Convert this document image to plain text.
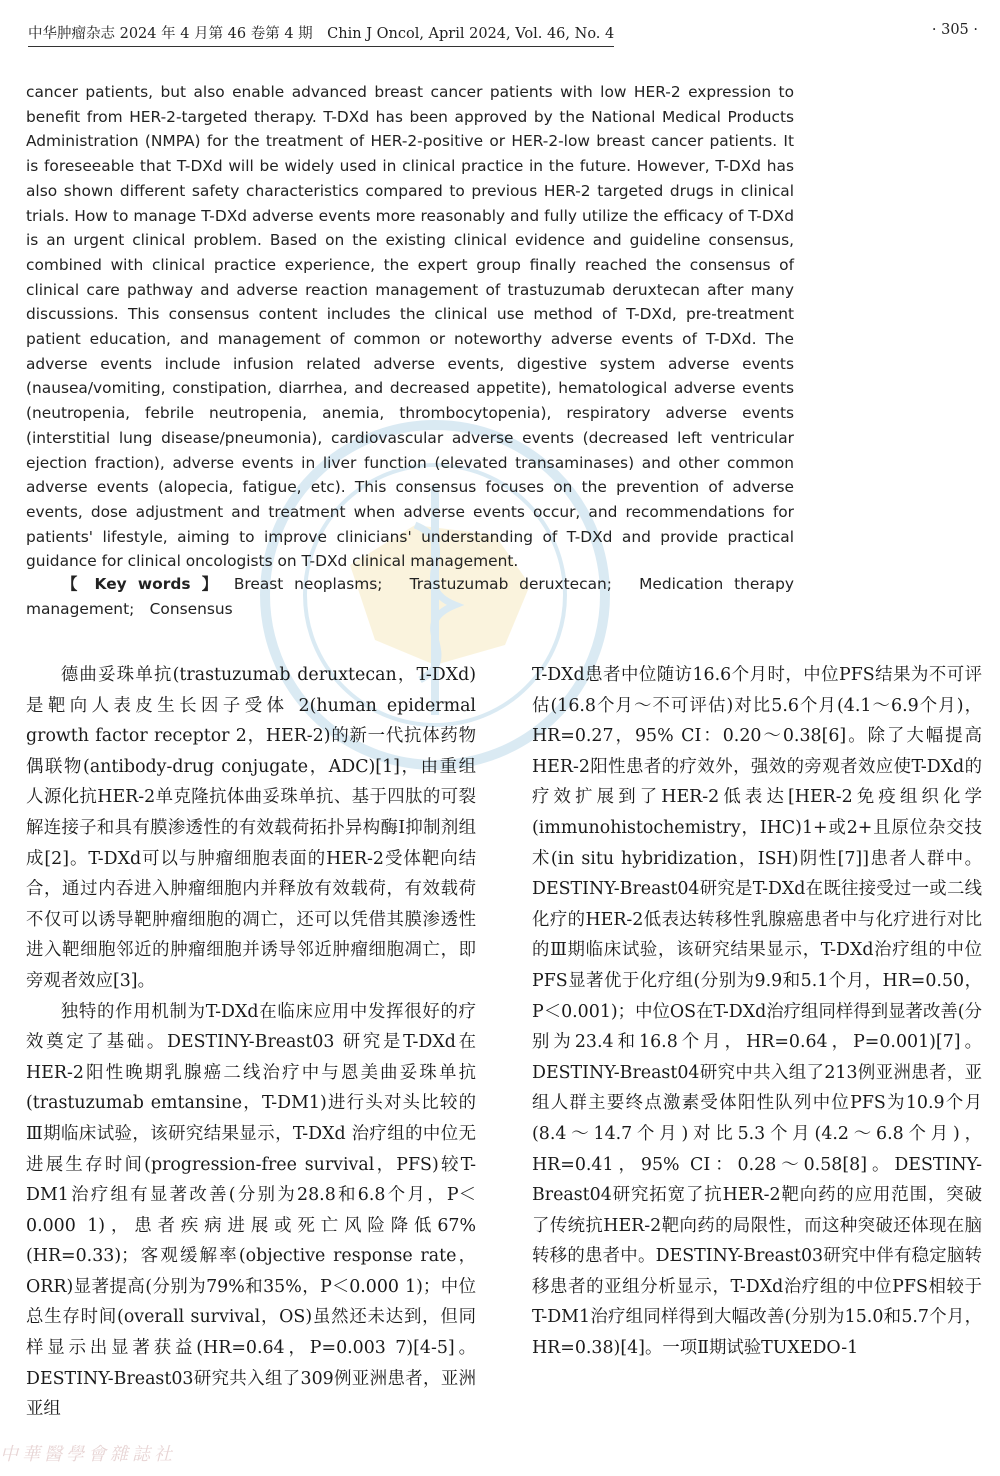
中华肿瘤杂志 2024 年 4 月第 46 卷第 4 期　Chin J Oncol, April 2024, Vol. 46, No. 4	· 305 ·

cancer patients, but also enable advanced breast cancer patients with low HER-2 expression to benefit from HER-2-targeted therapy. T-DXd has been approved by the National Medical Products Administration (NMPA) for the treatment of HER-2-positive or HER-2-low breast cancer patients. It is foreseeable that T-DXd will be widely used in clinical practice in the future. However, T-DXd has also shown different safety characteristics compared to previous HER-2 targeted drugs in clinical trials. How to manage T-DXd adverse events more reasonably and fully utilize the efficacy of T-DXd is an urgent clinical problem. Based on the existing clinical evidence and guideline consensus, combined with clinical practice experience, the expert group finally reached the consensus of clinical care pathway and adverse reaction management of trastuzumab deruxtecan after many discussions. This consensus content includes the clinical use method of T-DXd, pre-treatment patient education, and management of common or noteworthy adverse events of T-DXd. The adverse events include infusion related adverse events, digestive system adverse events (nausea/vomiting, constipation, diarrhea, and decreased appetite), hematological adverse events (neutropenia, febrile neutropenia, anemia, thrombocytopenia), respiratory adverse events (interstitial lung disease/pneumonia), cardiovascular adverse events (decreased left ventricular ejection fraction), adverse events in liver function (elevated transaminases) and other common adverse events (alopecia, fatigue, etc). This consensus focuses on the prevention of adverse events, dose adjustment and treatment when adverse events occur, and recommendations for patients' lifestyle, aiming to improve clinicians' understanding of T-DXd and provide practical guidance for clinical oncologists on T-DXd clinical management.

【 Key words 】 Breast neoplasms;　Trastuzumab deruxtecan;　Medication therapy management;　Consensus

德曲妥珠单抗(trastuzumab deruxtecan，T-DXd)是靶向人表皮生长因子受体 2(human epidermal growth factor receptor 2，HER-2)的新一代抗体药物偶联物(antibody-drug conjugate，ADC)[1]，由重组人源化抗HER-2单克隆抗体曲妥珠单抗、基于四肽的可裂解连接子和具有膜渗透性的有效载荷拓扑异构酶Ⅰ抑制剂组成[2]。T-DXd可以与肿瘤细胞表面的HER-2受体靶向结合，通过内吞进入肿瘤细胞内并释放有效载荷，有效载荷不仅可以诱导靶肿瘤细胞的凋亡，还可以凭借其膜渗透性进入靶细胞邻近的肿瘤细胞并诱导邻近肿瘤细胞凋亡，即旁观者效应[3]。

独特的作用机制为T-DXd在临床应用中发挥很好的疗效奠定了基础。DESTINY-Breast03 研究是T-DXd在HER-2阳性晚期乳腺癌二线治疗中与恩美曲妥珠单抗(trastuzumab emtansine，T-DM1)进行头对头比较的Ⅲ期临床试验，该研究结果显示，T-DXd 治疗组的中位无进展生存时间(progression-free survival，PFS)较T-DM1治疗组有显著改善(分别为28.8和6.8个月，P＜0.000 1)，患者疾病进展或死亡风险降低67%(HR=0.33)；客观缓解率(objective response rate，ORR)显著提高(分别为79%和35%，P＜0.000 1)；中位总生存时间(overall survival，OS)虽然还未达到，但同样显示出显著获益(HR=0.64，P=0.003 7)[4-5]。DESTINY-Breast03研究共入组了309例亚洲患者，亚洲亚组

T-DXd患者中位随访16.6个月时，中位PFS结果为不可评估(16.8个月～不可评估)对比5.6个月(4.1～6.9个月)，HR=0.27，95% CI：0.20～0.38[6]。除了大幅提高HER-2阳性患者的疗效外，强效的旁观者效应使T-DXd的疗效扩展到了HER-2低表达[HER-2免疫组织化学(immunohistochemistry，IHC)1+或2+且原位杂交技术(in situ hybridization，ISH)阴性[7]]患者人群中。DESTINY-Breast04研究是T-DXd在既往接受过一或二线化疗的HER-2低表达转移性乳腺癌患者中与化疗进行对比的Ⅲ期临床试验，该研究结果显示，T-DXd治疗组的中位PFS显著优于化疗组(分别为9.9和5.1个月，HR=0.50，P＜0.001)；中位OS在T-DXd治疗组同样得到显著改善(分别为23.4和16.8个月，HR=0.64，P=0.001)[7]。DESTINY-Breast04研究中共入组了213例亚洲患者，亚组人群主要终点激素受体阳性队列中位PFS为10.9个月(8.4～14.7个月)对比5.3个月(4.2～6.8个月)，HR=0.41，95% CI：0.28～0.58[8]。DESTINY-Breast04研究拓宽了抗HER-2靶向药的应用范围，突破了传统抗HER-2靶向药的局限性，而这种突破还体现在脑转移的患者中。DESTINY-Breast03研究中伴有稳定脑转移患者的亚组分析显示，T-DXd治疗组的中位PFS相较于T-DM1治疗组同样得到大幅改善(分别为15.0和5.7个月，HR=0.38)[4]。一项Ⅱ期试验TUXEDO-1

中華醫學會雜誌社
